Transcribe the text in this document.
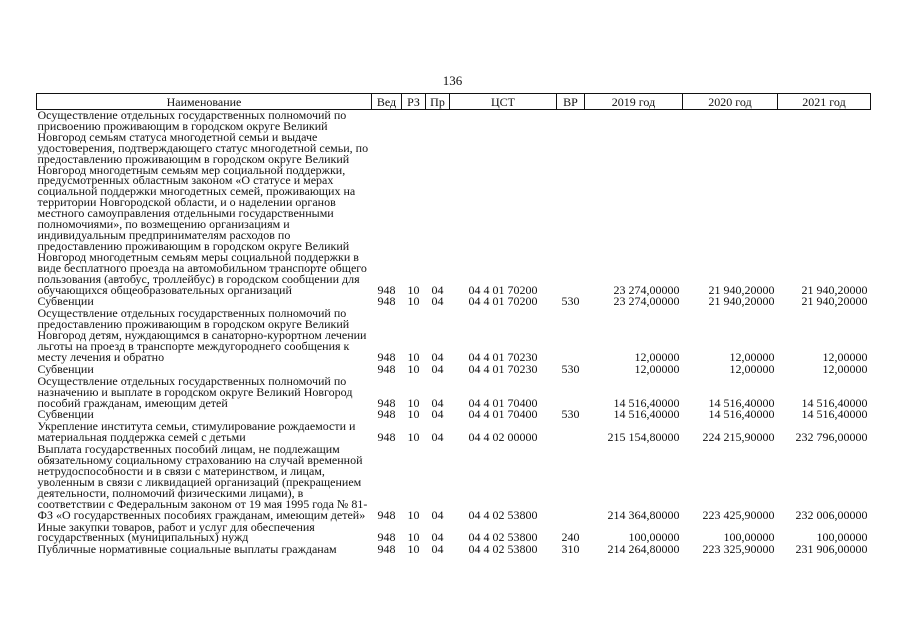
136
Наименование	Вед	РЗ	Пр	ЦСТ	ВР	2019 год	2020 год	2021 год
Осуществление отдельных государственных полномочий по присвоению проживающим в городском округе Великий Новгород семьям статуса многодетной семьи и выдаче удостоверения, подтверждающего статус многодетной семьи, по предоставлению проживающим в городском округе Великий Новгород многодетным семьям мер социальной поддержки, предусмотренных областным законом «О статусе и мерах социальной поддержки многодетных семей, проживающих на территории Новгородской области, и о наделении органов местного самоуправления отдельными государственными полномочиями», по возмещению организациям и индивидуальным предпринимателям расходов по предоставлению проживающим в городском округе Великий Новгород многодетным семьям меры социальной поддержки в виде бесплатного проезда на автомобильном транспорте общего пользования (автобус, троллейбус) в городском сообщении для обучающихся общеобразовательных организаций	948	10	04	04 4 01 70200		23 274,00000	21 940,20000	21 940,20000
Субвенции	948	10	04	04 4 01 70200	530	23 274,00000	21 940,20000	21 940,20000
Осуществление отдельных государственных полномочий по предоставлению проживающим в городском округе Великий Новгород детям, нуждающимся в санаторно-курортном лечении льготы на проезд в транспорте междугороднего сообщения к месту лечения и обратно	948	10	04	04 4 01 70230		12,00000	12,00000	12,00000
Субвенции	948	10	04	04 4 01 70230	530	12,00000	12,00000	12,00000
Осуществление отдельных государственных полномочий по назначению и выплате в городском округе Великий Новгород пособий гражданам, имеющим детей	948	10	04	04 4 01 70400		14 516,40000	14 516,40000	14 516,40000
Субвенции	948	10	04	04 4 01 70400	530	14 516,40000	14 516,40000	14 516,40000
Укрепление института семьи, стимулирование рождаемости и материальная поддержка семей с детьми	948	10	04	04 4 02 00000		215 154,80000	224 215,90000	232 796,00000
Выплата государственных пособий лицам, не подлежащим обязательному социальному страхованию на случай временной нетрудоспособности и в связи с материнством, и лицам, уволенным в связи с ликвидацией организаций (прекращением деятельности, полномочий физическими лицами), в соответствии с Федеральным законом от 19 мая 1995 года № 81-ФЗ «О государственных пособиях гражданам, имеющим детей»	948	10	04	04 4 02 53800		214 364,80000	223 425,90000	232 006,00000
Иные закупки товаров, работ и услуг для обеспечения государственных (муниципальных) нужд	948	10	04	04 4 02 53800	240	100,00000	100,00000	100,00000
Публичные нормативные социальные выплаты гражданам	948	10	04	04 4 02 53800	310	214 264,80000	223 325,90000	231 906,00000
